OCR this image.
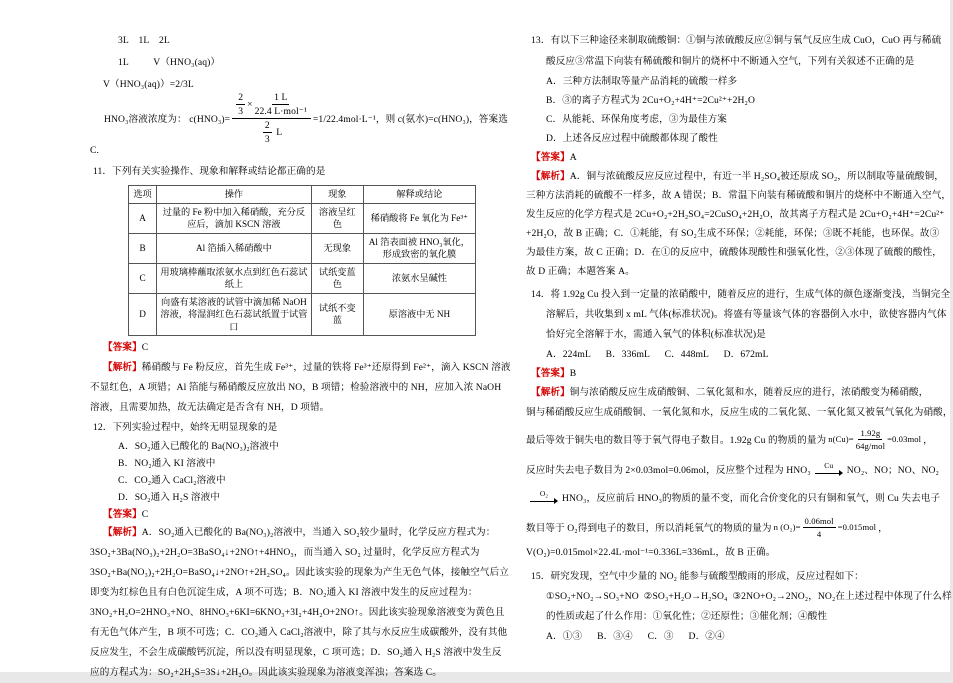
3L    1L    2L
1L          V（HNO₃(aq)）
V（HNO₃(aq)）=2/3L
HNO₃溶液浓度为： c(HNO₃)=
$\frac{2}{3}$ ×
1 L
22.4 L·mol⁻¹
$\frac{2}{3}$ L
=1/22.4mol·L⁻¹，则 c(氨水)=c(HNO₃)，答案选
C.
11．下列有关实验操作、现象和解释或结论都正确的是
选项	操作	现象	解释或结论
A	过量的 Fe 粉中加入稀硝酸，充分反应后，滴加 KSCN 溶液	溶液呈红色	稀硝酸将 Fe 氧化为 Fe³⁺
B	Al 箔插入稀硝酸中	无现象	Al 箔表面被 HNO₃氧化，形成致密的氧化膜
C	用玻璃棒蘸取浓氨水点到红色石蕊试纸上	试纸变蓝色	浓氨水呈碱性
D	向盛有某溶液的试管中滴加稀 NaOH 溶液，将湿润红色石蕊试纸置于试管口	试纸不变蓝	原溶液中无 NH
【答案】C
【解析】稀硝酸与 Fe 粉反应，首先生成 Fe³⁺，过量的铁将 Fe³⁺还原得到 Fe²⁺，滴入 KSCN 溶液
不显红色，A 项错；Al 箔能与稀硝酸反应放出 NO，B 项错；检验溶液中的 NH，应加入浓 NaOH
溶液，且需要加热，故无法确定是否含有 NH，D 项错。
12．下列实验过程中，始终无明显现象的是
A．SO₂通入已酸化的 Ba(NO₃)₂溶液中
B．NO₂通入 KI 溶液中
C．CO₂通入 CaCl₂溶液中
D．SO₂通入 H₂S 溶液中
【答案】C
【解析】A．SO₂通入已酸化的 Ba(NO₃)₂溶液中，当通入 SO₂较少量时，化学反应方程式为：
3SO₂+3Ba(NO₃)₂+2H₂O=3BaSO₄↓+2NO↑+4HNO₃，而当通入 SO₂ 过量时，化学反应方程式为
3SO₂+Ba(NO₃)₂+2H₂O=BaSO₄↓+2NO↑+2H₂SO₄。因此该实验的现象为产生无色气体，接触空气后立
即变为红棕色且有白色沉淀生成，A 项不可选；B．NO₂通入 KI 溶液中发生的反应过程为：
3NO₂+H₂O=2HNO₃+NO、8HNO₃+6KI=6KNO₃+3I₂+4H₂O+2NO↑。因此该实验现象溶液变为黄色且
有无色气体产生，B 项不可选；C．CO₂通入 CaCl₂溶液中，除了其与水反应生成碳酸外，没有其他
反应发生，不会生成碳酸钙沉淀，所以没有明显现象，C 项可选；D．SO₂通入 H₂S 溶液中发生反
应的方程式为：SO₂+2H₂S=3S↓+2H₂O。因此该实验现象为溶液变浑浊；答案选 C。
13．有以下三种途径来制取硫酸铜：①铜与浓硫酸反应②铜与氧气反应生成 CuO，CuO 再与稀硫
酸反应③常温下向装有稀硫酸和铜片的烧杯中不断通入空气，下列有关叙述不正确的是
A．三种方法制取等量产品消耗的硫酸一样多
B．③的离子方程式为 2Cu+O₂+4H⁺=2Cu²⁺+2H₂O
C．从能耗、环保角度考虑，③为最佳方案
D．上述各反应过程中硫酸都体现了酸性
【答案】A
【解析】A．铜与浓硫酸反应反应过程中，有近一半 H₂SO₄被还原成 SO₂，所以制取等量硫酸铜，
三种方法消耗的硫酸不一样多，故 A 错误；B．常温下向装有稀硫酸和铜片的烧杯中不断通入空气，
发生反应的化学方程式是 2Cu+O₂+2H₂SO₄=2CuSO₄+2H₂O，故其离子方程式是 2Cu+O₂+4H⁺=2Cu²⁺
+2H₂O，故 B 正确；C．①耗能，有 SO₂生成不环保；②耗能，环保；③既不耗能，也环保。故③
为最佳方案，故 C 正确；D．在①的反应中，硫酸体现酸性和强氧化性，②③体现了硫酸的酸性，
故 D 正确；本题答案 A。
14．将 1.92g Cu 投入到一定量的浓硝酸中，随着反应的进行，生成气体的颜色逐渐变浅，当铜完全
溶解后，共收集到 x mL 气体(标准状况)。将盛有等量该气体的容器倒入水中，欲使容器内气体
恰好完全溶解于水，需通入氧气的体积(标准状况)是
A．224mL      B．336mL      C．448mL      D．672mL
【答案】B
【解析】铜与浓硝酸反应生成硝酸铜、二氧化氮和水，随着反应的进行，浓硝酸变为稀硝酸，
铜与稀硝酸反应生成硝酸铜、一氧化氮和水，反应生成的二氧化氮、一氧化氮又被氧气氧化为硝酸，
最后等效于铜失电的数目等于氧气得电子数目。1.92g Cu 的物质的量为 n(Cu)=
1.92g
64g/mol
=0.03mol ，
反应时失去电子数目为 2×0.03mol=0.06mol，反应整个过程为 HNO₃ Cu NO₂、NO；NO、NO₂
O₂ HNO₃，反应前后 HNO₃的物质的量不变，而化合价变化的只有铜和氧气，则 Cu 失去电子
数目等于 O₂得到电子的数目，所以消耗氧气的物质的量为 n (O₂)=
0.06mol
4
=0.015mol ，
V(O₂)=0.015mol×22.4L·mol⁻¹=0.336L=336mL，故 B 正确。
15．研究发现，空气中少量的 NO₂ 能参与硫酸型酸雨的形成，反应过程如下：
①SO₂+NO₂→SO₃+NO  ②SO₃+H₂O→H₂SO₄  ③2NO+O₂→2NO₂，NO₂在上述过程中体现了什么样
的性质或起了什么作用：①氧化性；②还原性；③催化剂；④酸性
A．①③      B．③④      C．③      D．②④
